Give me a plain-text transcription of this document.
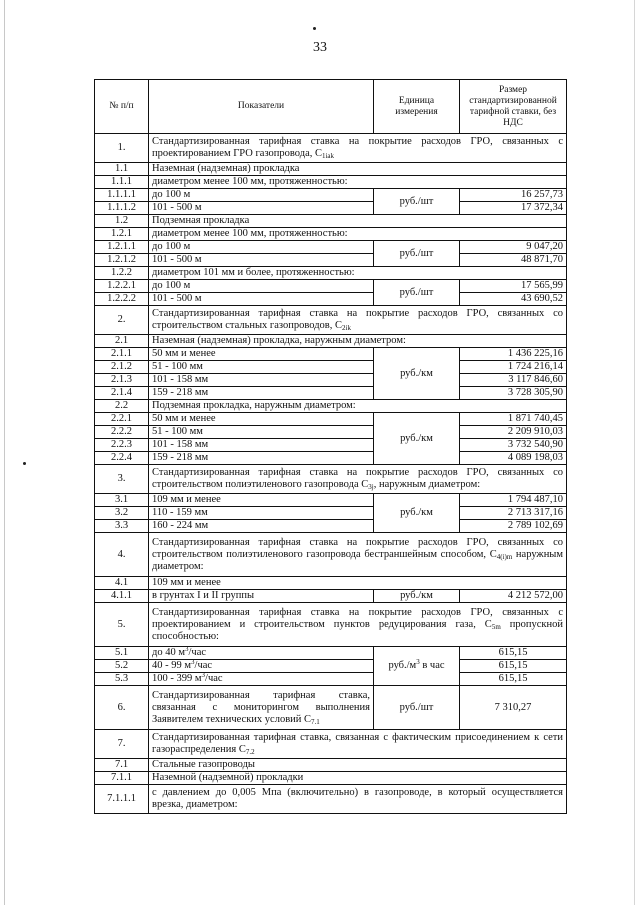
33
№ п/п	Показатели	Единица измерения	Размер стандартизированной тарифной ставки, без НДС
1.	Стандартизированная тарифная ставка на покрытие расходов ГРО, связанных с проектированием ГРО газопровода, $С_{1iak}$
1.1	Наземная (надземная) прокладка		
1.1.1	диаметром менее 100 мм, протяженностью:		
1.1.1.1	до 100 м	руб./шт	16 257,73
1.1.1.2	101 - 500 м		17 372,34
1.2	Подземная прокладка		
1.2.1	диаметром менее 100 мм, протяженностью:		
1.2.1.1	до 100 м	руб./шт	9 047,20
1.2.1.2	101 - 500 м		48 871,70
1.2.2	диаметром 101 мм и более, протяженностью:		
1.2.2.1	до 100 м	руб./шт	17 565,99
1.2.2.2	101 - 500 м		43 690,52
2.	Стандартизированная тарифная ставка на покрытие расходов ГРО, связанных со строительством стальных газопроводов, $С_{2ik}$
2.1	Наземная (надземная) прокладка, наружным диаметром:		
2.1.1	50 мм и менее	руб./км	1 436 225,16
2.1.2	51 - 100 мм		1 724 216,14
2.1.3	101 - 158 мм		3 117 846,60
2.1.4	159 - 218 мм		3 728 305,90
2.2	Подземная прокладка, наружным диаметром:		
2.2.1	50 мм и менее	руб./км	1 871 740,45
2.2.2	51 - 100 мм		2 209 910,03
2.2.3	101 - 158 мм		3 732 540,90
2.2.4	159 - 218 мм		4 089 198,03
3.	Стандартизированная тарифная ставка на покрытие расходов ГРО, связанных со строительством полиэтиленового газопровода $С_{3j}$, наружным диаметром:		
3.1	109 мм и менее	руб./км	1 794 487,10
3.2	110 - 159 мм		2 713 317,16
3.3	160 - 224 мм		2 789 102,69
4.	Стандартизированная тарифная ставка на покрытие расходов ГРО, связанных со строительством полиэтиленового газопровода бестраншейным способом, $С_{4(i)m}$ наружным диаметром:		
4.1	109 мм и менее		
4.1.1	в грунтах I и II группы	руб./км	4 212 572,00
5.	Стандартизированная тарифная ставка на покрытие расходов ГРО, связанных с проектированием и строительством пунктов редуцирования газа, $С_{5m}$ пропускной способностью:		
5.1	до 40 $м^3$/час	$руб./м^3$ в час	615,15
5.2	40 - 99 $м^3$/час		615,15
5.3	100 - 399 $м^3$/час		615,15
6.	Стандартизированная тарифная ставка, связанная с мониторингом выполнения Заявителем технических условий $С_{7.1}$	руб./шт	7 310,27
7.	Стандартизированная тарифная ставка, связанная с фактическим присоединением к сети газораспределения $С_{7.2}$
7.1	Стальные газопроводы		
7.1.1	Наземной (надземной) прокладки		
7.1.1.1	с давлением до 0,005 Мпа (включительно) в газопроводе, в который осуществляется врезка, диаметром:		
